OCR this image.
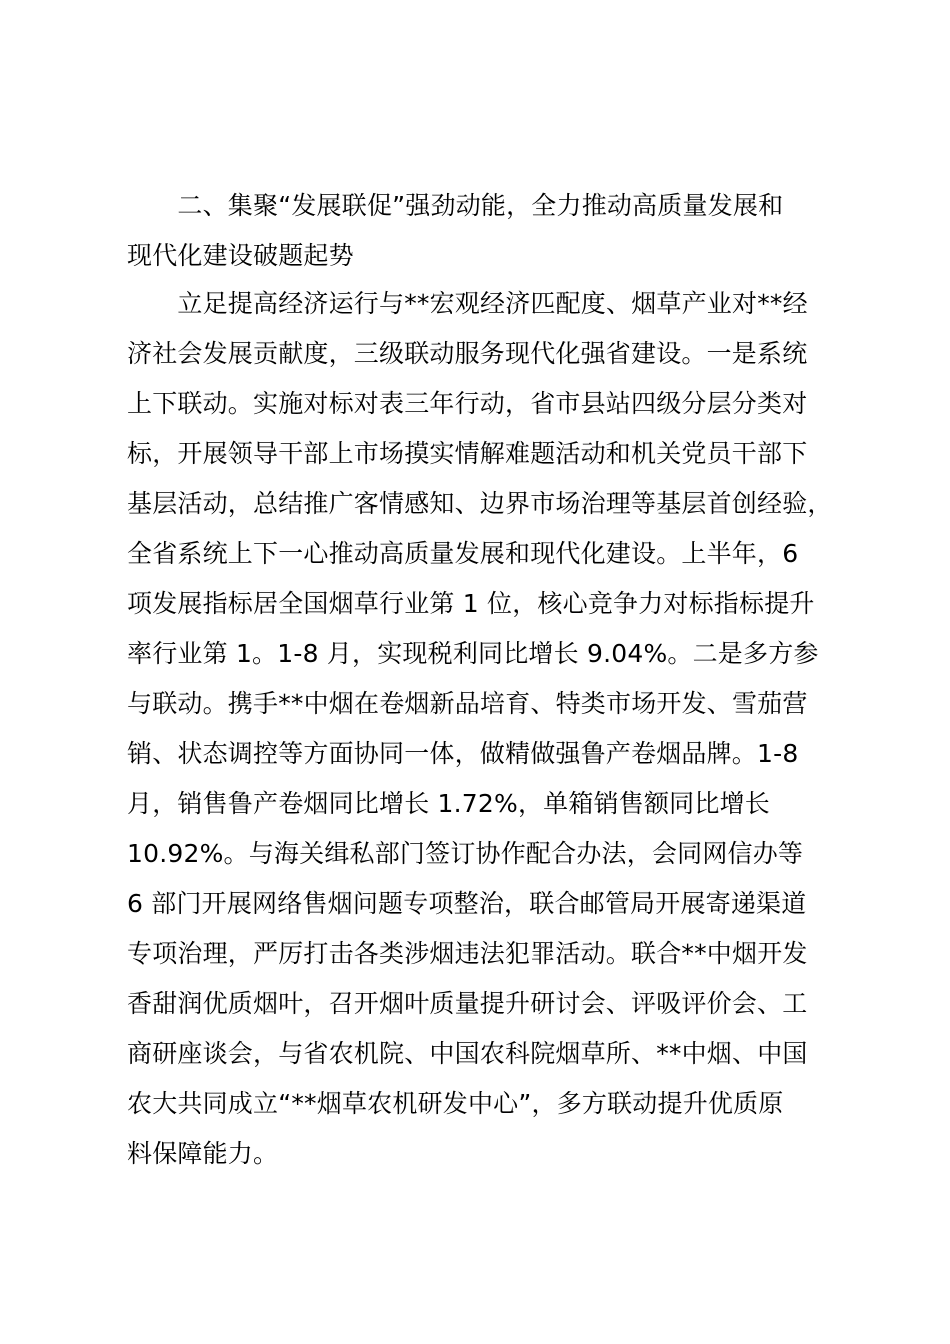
　　二、集聚“发展联促”强劲动能，全力推动高质量发展和
现代化建设破题起势
　　立足提高经济运行与**宏观经济匹配度、烟草产业对**经
济社会发展贡献度，三级联动服务现代化强省建设。一是系统
上下联动。实施对标对表三年行动，省市县站四级分层分类对
标，开展领导干部上市场摸实情解难题活动和机关党员干部下
基层活动，总结推广客情感知、边界市场治理等基层首创经验，
全省系统上下一心推动高质量发展和现代化建设。上半年，6
项发展指标居全国烟草行业第 1 位，核心竞争力对标指标提升
率行业第 1。1-8 月，实现税利同比增长 9.04%。二是多方参
与联动。携手**中烟在卷烟新品培育、特类市场开发、雪茄营
销、状态调控等方面协同一体，做精做强鲁产卷烟品牌。1-8
月，销售鲁产卷烟同比增长 1.72%，单箱销售额同比增长
10.92%。与海关缉私部门签订协作配合办法，会同网信办等
6 部门开展网络售烟问题专项整治，联合邮管局开展寄递渠道
专项治理，严厉打击各类涉烟违法犯罪活动。联合**中烟开发
香甜润优质烟叶，召开烟叶质量提升研讨会、评吸评价会、工
商研座谈会，与省农机院、中国农科院烟草所、**中烟、中国
农大共同成立“**烟草农机研发中心”，多方联动提升优质原
料保障能力。
